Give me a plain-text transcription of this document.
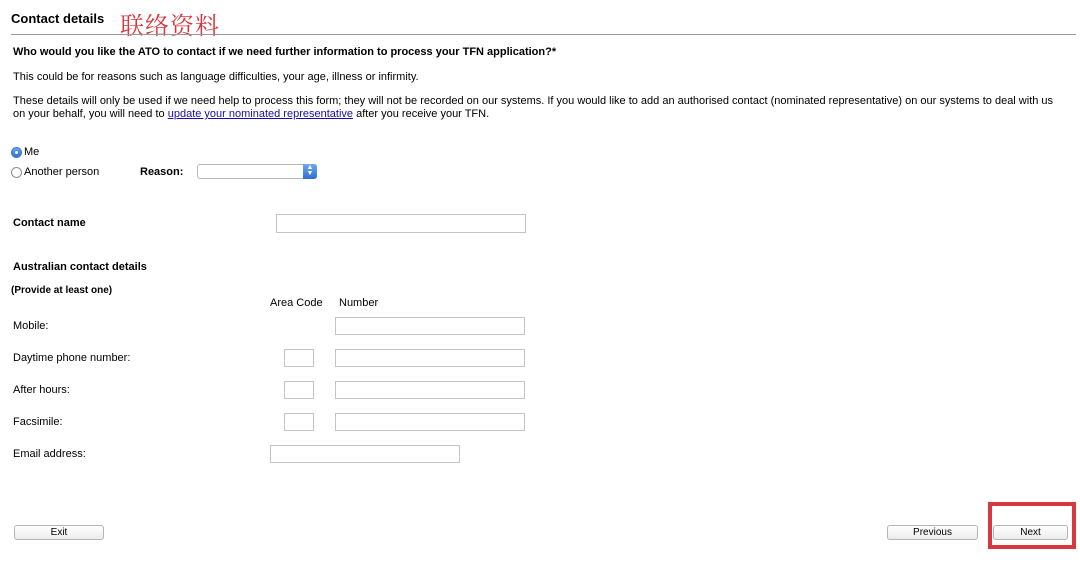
Contact details 联络资料
Who would you like the ATO to contact if we need further information to process your TFN application?*
This could be for reasons such as language difficulties, your age, illness or infirmity.
These details will only be used if we need help to process this form; they will not be recorded on our systems. If you would like to add an authorised contact (nominated representative) on our systems to deal with us
on your behalf, you will need to update your nominated representative after you receive your TFN.
Me
Another person	Reason:	▲
▼
Contact name
Australian contact details
(Provide at least one)
Area Code Number
Mobile:
Daytime phone number:
After hours:
Facsimile:
Email address:
Exit	Previous	Next
